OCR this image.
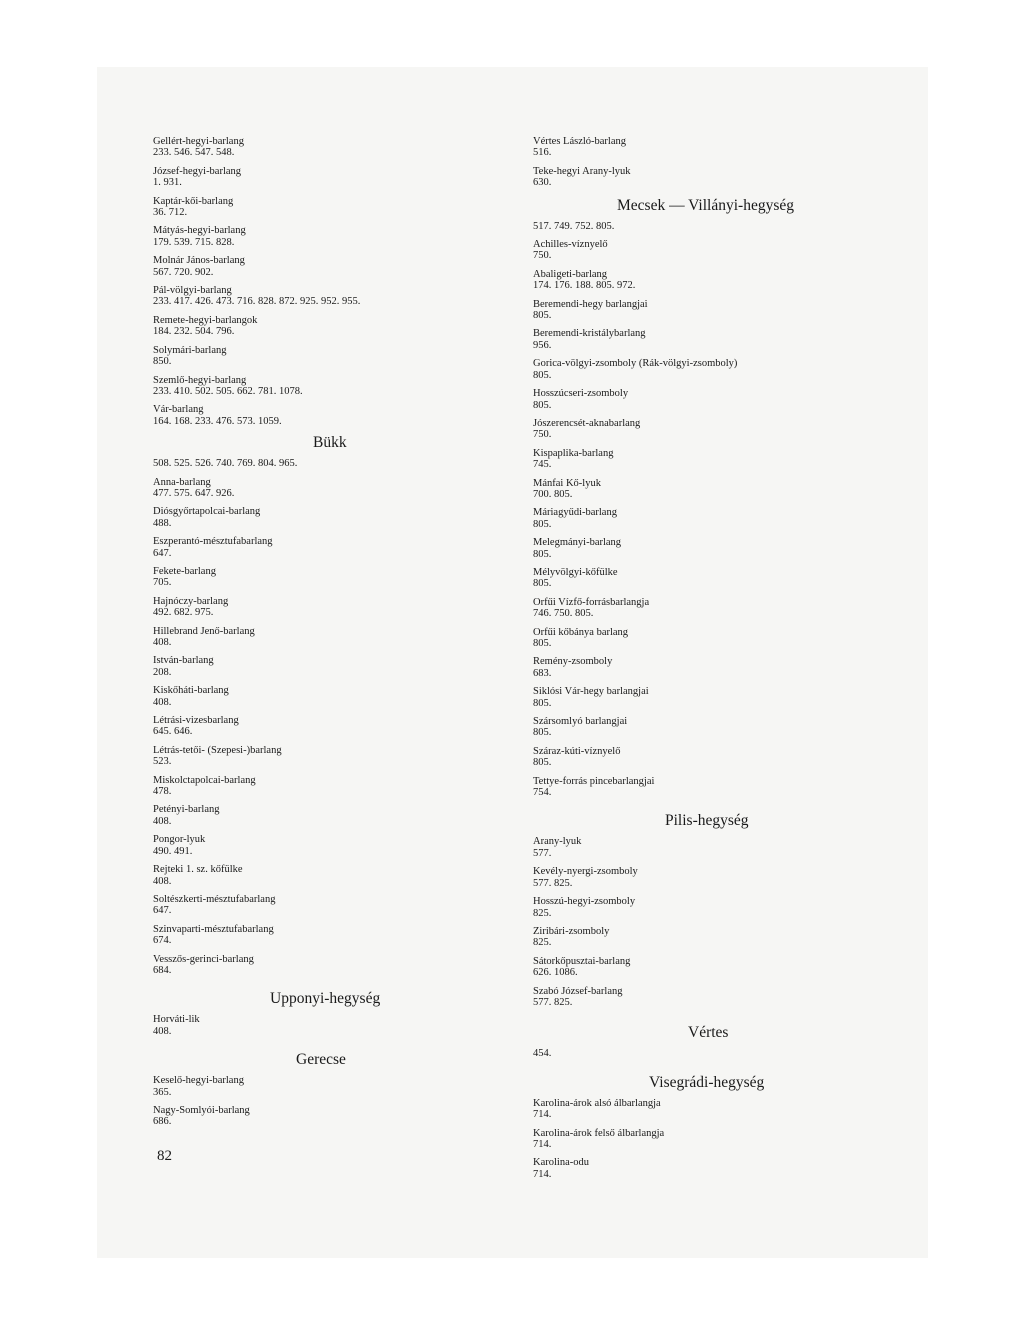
Gellért-hegyi-barlang
233. 546. 547. 548.
József-hegyi-barlang
1. 931.
Kaptár-kői-barlang
36. 712.
Mátyás-hegyi-barlang
179. 539. 715. 828.
Molnár János-barlang
567. 720. 902.
Pál-völgyi-barlang
233. 417. 426. 473. 716. 828. 872. 925. 952. 955.
Remete-hegyi-barlangok
184. 232. 504. 796.
Solymári-barlang
850.
Szemlő-hegyi-barlang
233. 410. 502. 505. 662. 781. 1078.
Vár-barlang
164. 168. 233. 476. 573. 1059.
Bükk
508. 525. 526. 740. 769. 804. 965.
Anna-barlang
477. 575. 647. 926.
Diósgyőrtapolcai-barlang
488.
Eszperantó-mésztufabarlang
647.
Fekete-barlang
705.
Hajnóczy-barlang
492. 682. 975.
Hillebrand Jenő-barlang
408.
István-barlang
208.
Kiskőháti-barlang
408.
Létrási-vizesbarlang
645. 646.
Létrás-tetői- (Szepesi-)barlang
523.
Miskolctapolcai-barlang
478.
Petényi-barlang
408.
Pongor-lyuk
490. 491.
Rejteki 1. sz. kőfülke
408.
Soltészkerti-mésztufabarlang
647.
Szinvaparti-mésztufabarlang
674.
Vesszős-gerinci-barlang
684.
Upponyi-hegység
Horváti-lik
408.
Gerecse
Keselő-hegyi-barlang
365.
Nagy-Somlyói-barlang
686.
Vértes László-barlang
516.
Teke-hegyi Arany-lyuk
630.
Mecsek — Villányi-hegység
517. 749. 752. 805.
Achilles-víznyelő
750.
Abaligeti-barlang
174. 176. 188. 805. 972.
Beremendi-hegy barlangjai
805.
Beremendi-kristálybarlang
956.
Gorica-völgyi-zsomboly (Rák-völgyi-zsomboly)
805.
Hosszúcseri-zsomboly
805.
Jószerencsét-aknabarlang
750.
Kispaplika-barlang
745.
Mánfai Kő-lyuk
700. 805.
Máriagyűdi-barlang
805.
Melegmányi-barlang
805.
Mélyvölgyi-kőfülke
805.
Orfűi Vízfő-forrásbarlangja
746. 750. 805.
Orfűi kőbánya barlang
805.
Remény-zsomboly
683.
Siklósi Vár-hegy barlangjai
805.
Szársomlyó barlangjai
805.
Száraz-kúti-víznyelő
805.
Tettye-forrás pincebarlangjai
754.
Pilis-hegység
Arany-lyuk
577.
Kevély-nyergi-zsomboly
577. 825.
Hosszú-hegyi-zsomboly
825.
Ziribári-zsomboly
825.
Sátorkőpusztai-barlang
626. 1086.
Szabó József-barlang
577. 825.
Vértes
454.
Visegrádi-hegység
Karolina-árok alsó álbarlangja
714.
Karolina-árok felső álbarlangja
714.
Karolina-odu
714.
82
